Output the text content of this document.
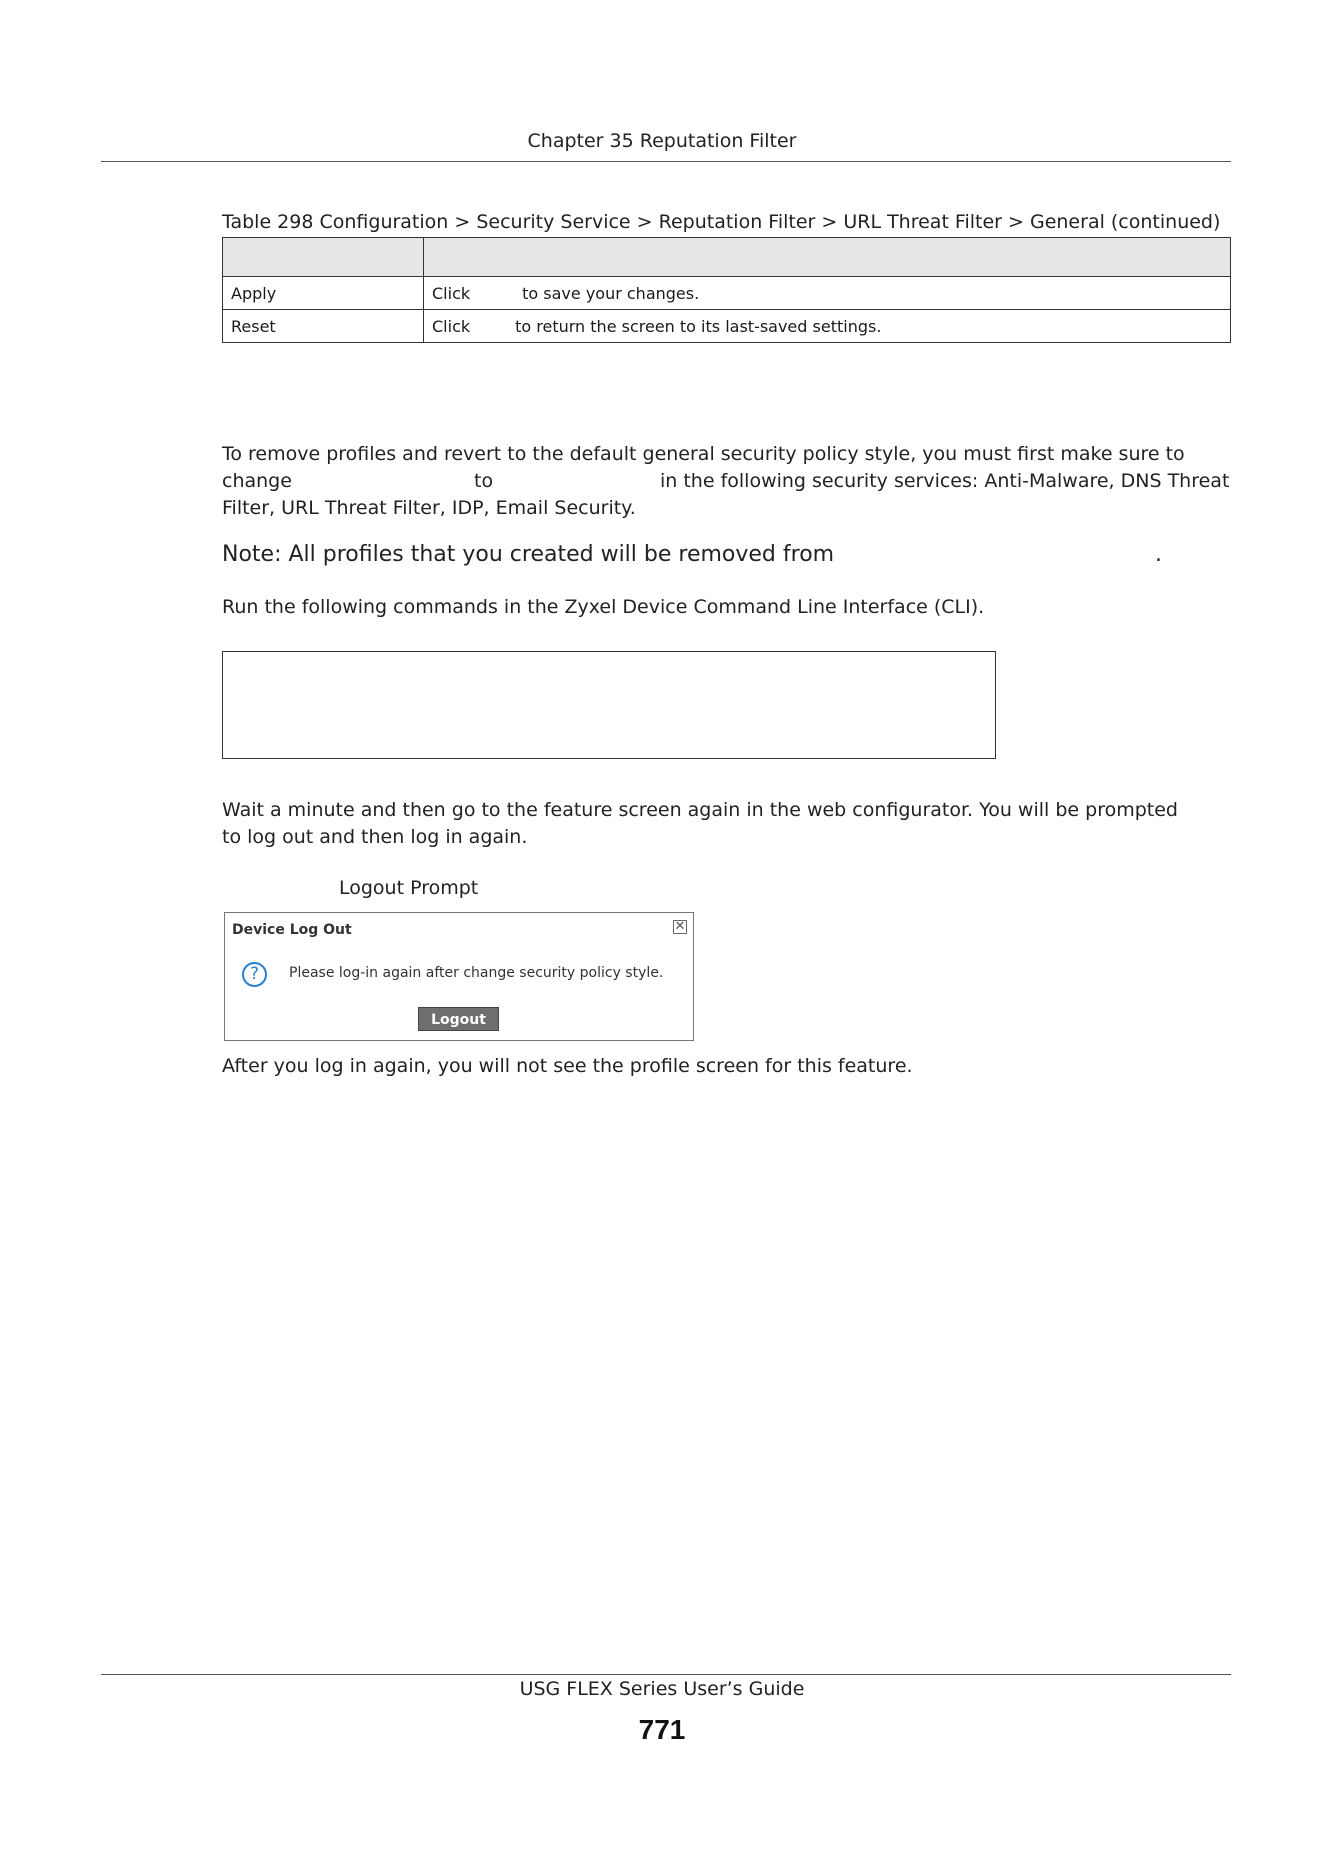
Chapter 35 Reputation Filter
Table 298 Configuration > Security Service > Reputation Filter > URL Threat Filter > General (continued)

Apply	Click to save your changes.
Reset	Click to return the screen to its last-saved settings.
To remove profiles and revert to the default general security policy style, you must first make sure to
change	to	in the following security services: Anti-Malware, DNS Threat
Filter, URL Threat Filter, IDP, Email Security.
Note: All profiles that you created will be removed from	.
Run the following commands in the Zyxel Device Command Line Interface (CLI).
Wait a minute and then go to the feature screen again in the web configurator. You will be prompted
to log out and then log in again.
Logout Prompt
Device Log Out	✕
?	Please log-in again after change security policy style.
Logout
After you log in again, you will not see the profile screen for this feature.
USG FLEX Series User’s Guide
771
